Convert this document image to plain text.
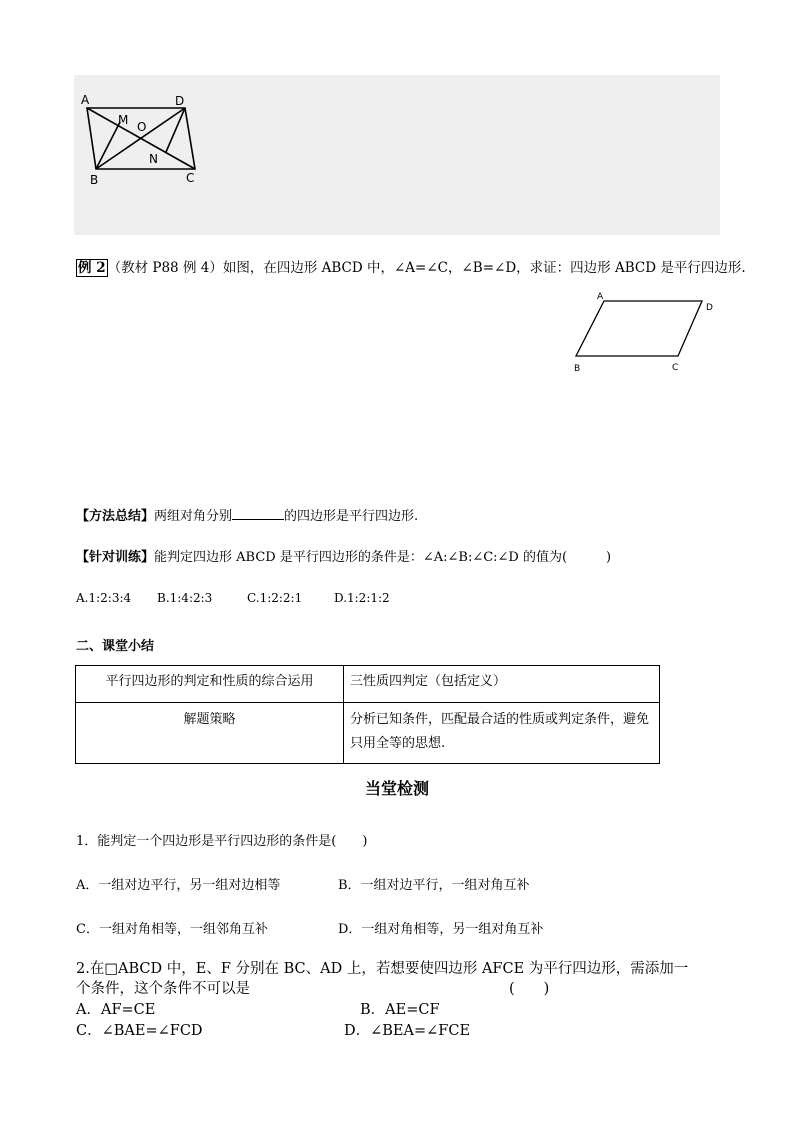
A	D
M O
N
B	C
例 2 （教材 P88 例 4）如图，在四边形 ABCD 中，∠A=∠C，∠B=∠D，求证：四边形 ABCD 是平行四边形.
A
D
B	C
【方法总结】两组对角分别	的四边形是平行四边形.
【针对训练】能判定四边形 ABCD 是平行四边形的条件是：∠A:∠B:∠C:∠D 的值为(　　　)
A.1:2:3:4 B.1:4:2:3	C.1:2:2:1	D.1:2:1:2
二、课堂小结
平行四边形的判定和性质的综合运用	三性质四判定（包括定义）
解题策略	分析已知条件，匹配最合适的性质或判定条件，避免只用全等的思想.
当堂检测
1．能判定一个四边形是平行四边形的条件是(　　)
A．一组对边平行，另一组对边相等	B．一组对边平行，一组对角互补
C．一组对角相等，一组邻角互补	D．一组对角相等，另一组对角互补
2.在□ABCD 中，E、F 分别在 BC、AD 上，若想要使四边形 AFCE 为平行四边形，需添加一
个条件，这个条件不可以是	(　　)
A．AF=CE	B．AE=CF
C．∠BAE=∠FCD	D．∠BEA=∠FCE
